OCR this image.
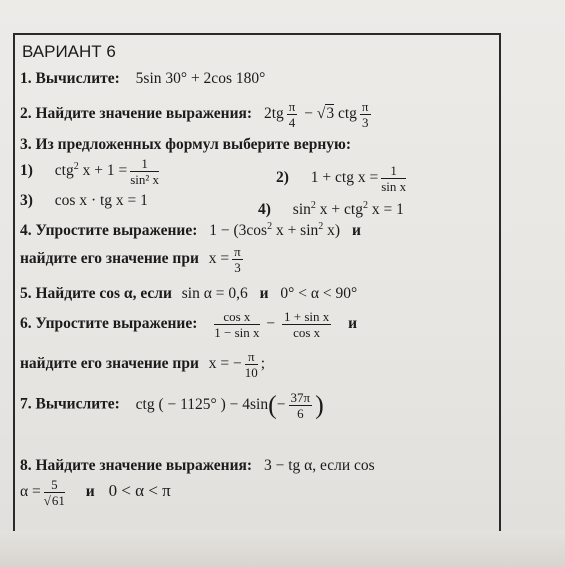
ВАРИАНТ 6
1. Вычислите: 5sin 30° + 2cos 180°
2. Найдите значение выражения: $2tg \frac{\pi}{4} - √3$ ctg $\frac{\pi}{3}$
3. Из предложенных формул выберите верную:
1) ctg$^2$ $x + 1 = \frac{1}{\text{sin² x}}$	2) 1 + ctg $x = \frac{1}{\text{sin x}}$
3) cos x · tg x = 1
4) $\sin^2 x + ctg^2$ x = 1
4. Упростите выражение: $1 - (3\cos^2$ $x + \sin^2 x$) и
найдите его значение при $x = \frac{\pi}{3}$
5. Найдите cos α, если sin α = 0,6 и 0° < α < 90°
6. Упростите выражение: $\frac{\text{cos x}}{\text{1 − sin x}} - \frac{\text{1 + sin x}}{\text{cos x}}$ и
найдите его значение при x = − $\frac{\pi}{10}$ ;
7. Вычислите: ctg ( − 1125° ) − $4\sin(- \frac{37\pi}{6}$ )
8. Найдите значение выражения: 3 − tg α, если cos
$\alpha = \frac{5}{√61}$ и 0 < α < π
